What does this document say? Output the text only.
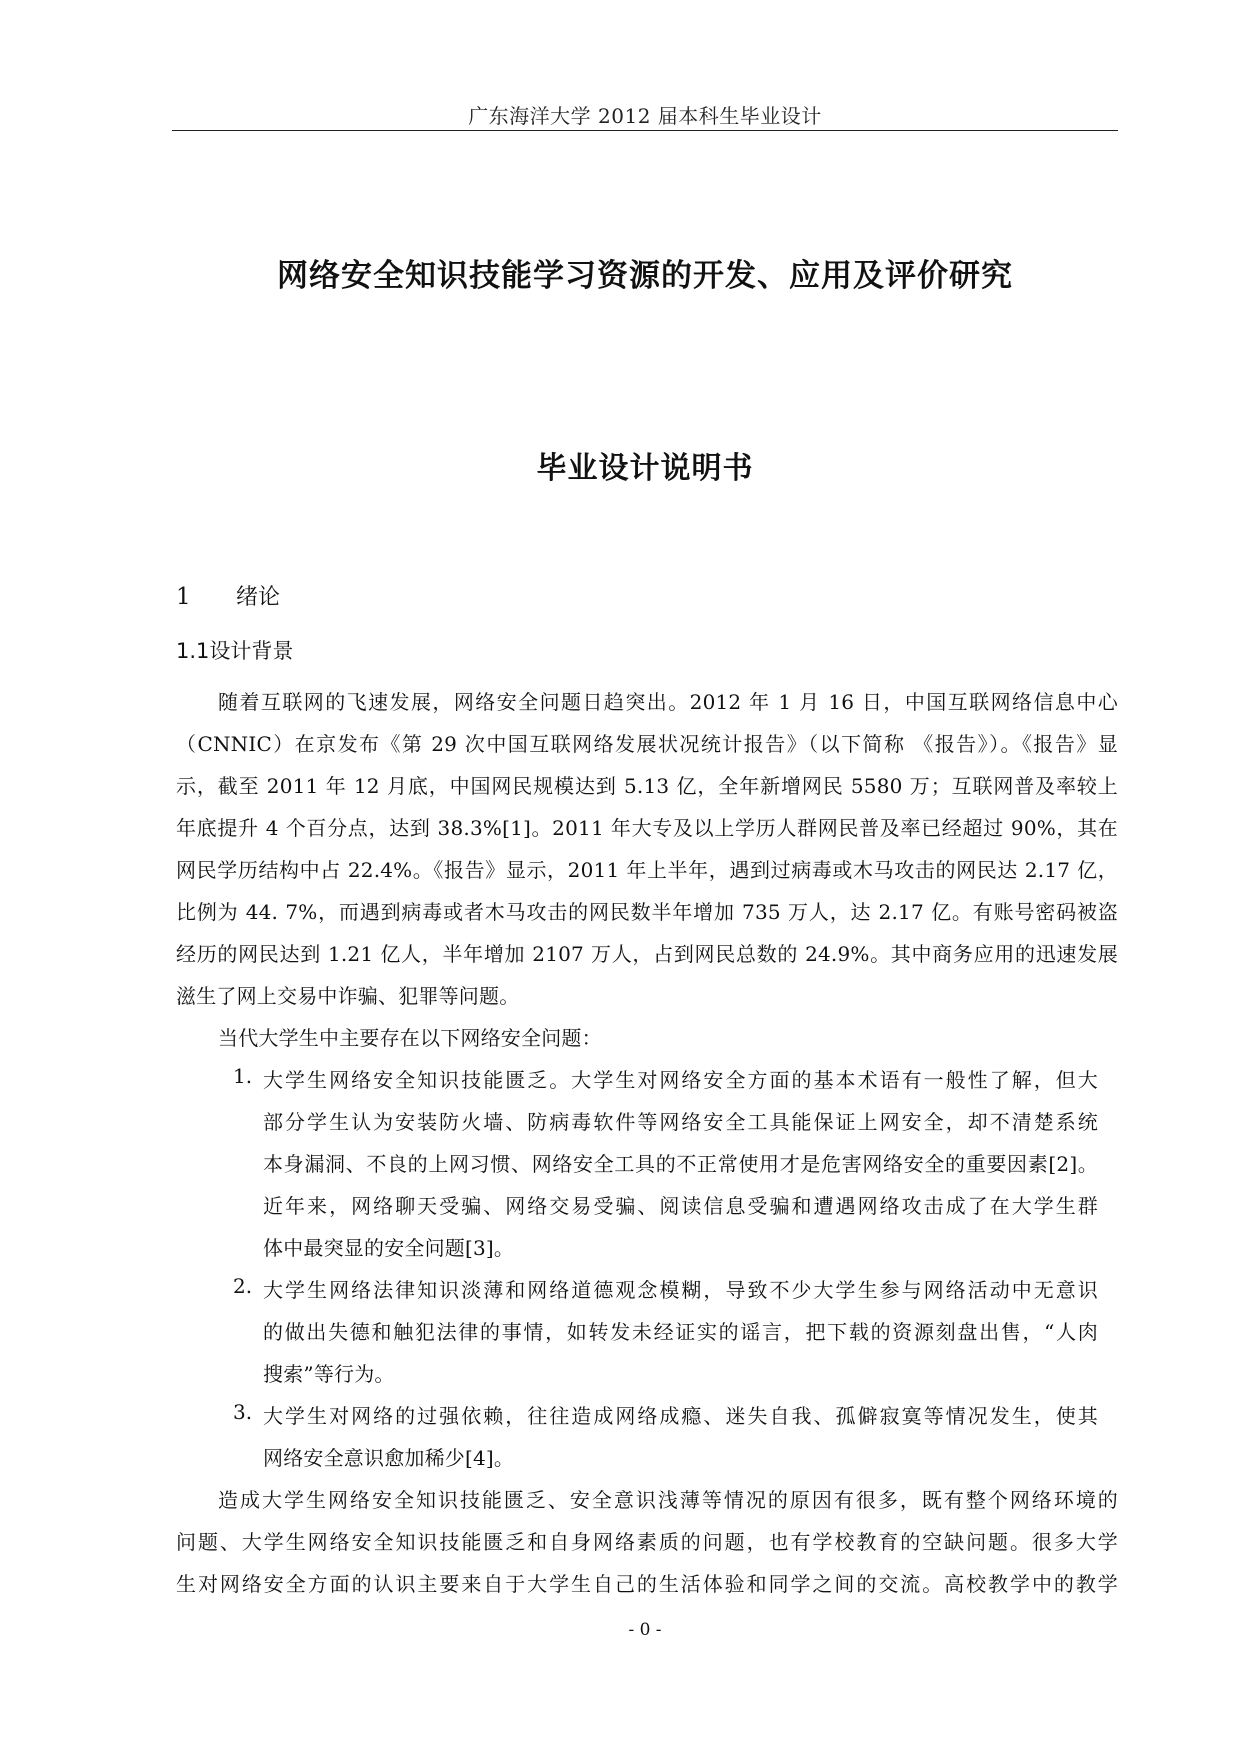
广东海洋大学 2012 届本科生毕业设计
网络安全知识技能学习资源的开发、应用及评价研究
毕业设计说明书
1 绪论
1.1设计背景
随着互联网的飞速发展，网络安全问题日趋突出。2012 年 1 月 16 日，中国互联网络信息中心
（CNNIC）在京发布《第 29 次中国互联网络发展状况统计报告》（以下简称 《报告》）。《报告》显
示，截至 2011 年 12 月底，中国网民规模达到 5.13 亿，全年新增网民 5580 万；互联网普及率较上
年底提升 4 个百分点，达到 38.3%[1]。2011 年大专及以上学历人群网民普及率已经超过 90%，其在
网民学历结构中占 22.4%。《报告》显示，2011 年上半年，遇到过病毒或木马攻击的网民达 2.17 亿，
比例为 44. 7%，而遇到病毒或者木马攻击的网民数半年增加 735 万人，达 2.17 亿。有账号密码被盗
经历的网民达到 1.21 亿人，半年增加 2107 万人，占到网民总数的 24.9%。其中商务应用的迅速发展
滋生了网上交易中诈骗、犯罪等问题。
当代大学生中主要存在以下网络安全问题：
1. 大学生网络安全知识技能匮乏。大学生对网络安全方面的基本术语有一般性了解，但大
部分学生认为安装防火墙、防病毒软件等网络安全工具能保证上网安全，却不清楚系统
本身漏洞、不良的上网习惯、网络安全工具的不正常使用才是危害网络安全的重要因素[2]。
近年来，网络聊天受骗、网络交易受骗、阅读信息受骗和遭遇网络攻击成了在大学生群
体中最突显的安全问题[3]。
2. 大学生网络法律知识淡薄和网络道德观念模糊，导致不少大学生参与网络活动中无意识
的做出失德和触犯法律的事情，如转发未经证实的谣言，把下载的资源刻盘出售，“人肉
搜索”等行为。
3. 大学生对网络的过强依赖，往往造成网络成瘾、迷失自我、孤僻寂寞等情况发生，使其
网络安全意识愈加稀少[4]。
造成大学生网络安全知识技能匮乏、安全意识浅薄等情况的原因有很多，既有整个网络环境的
问题、大学生网络安全知识技能匮乏和自身网络素质的问题，也有学校教育的空缺问题。很多大学
生对网络安全方面的认识主要来自于大学生自己的生活体验和同学之间的交流。高校教学中的教学
- 0 -
